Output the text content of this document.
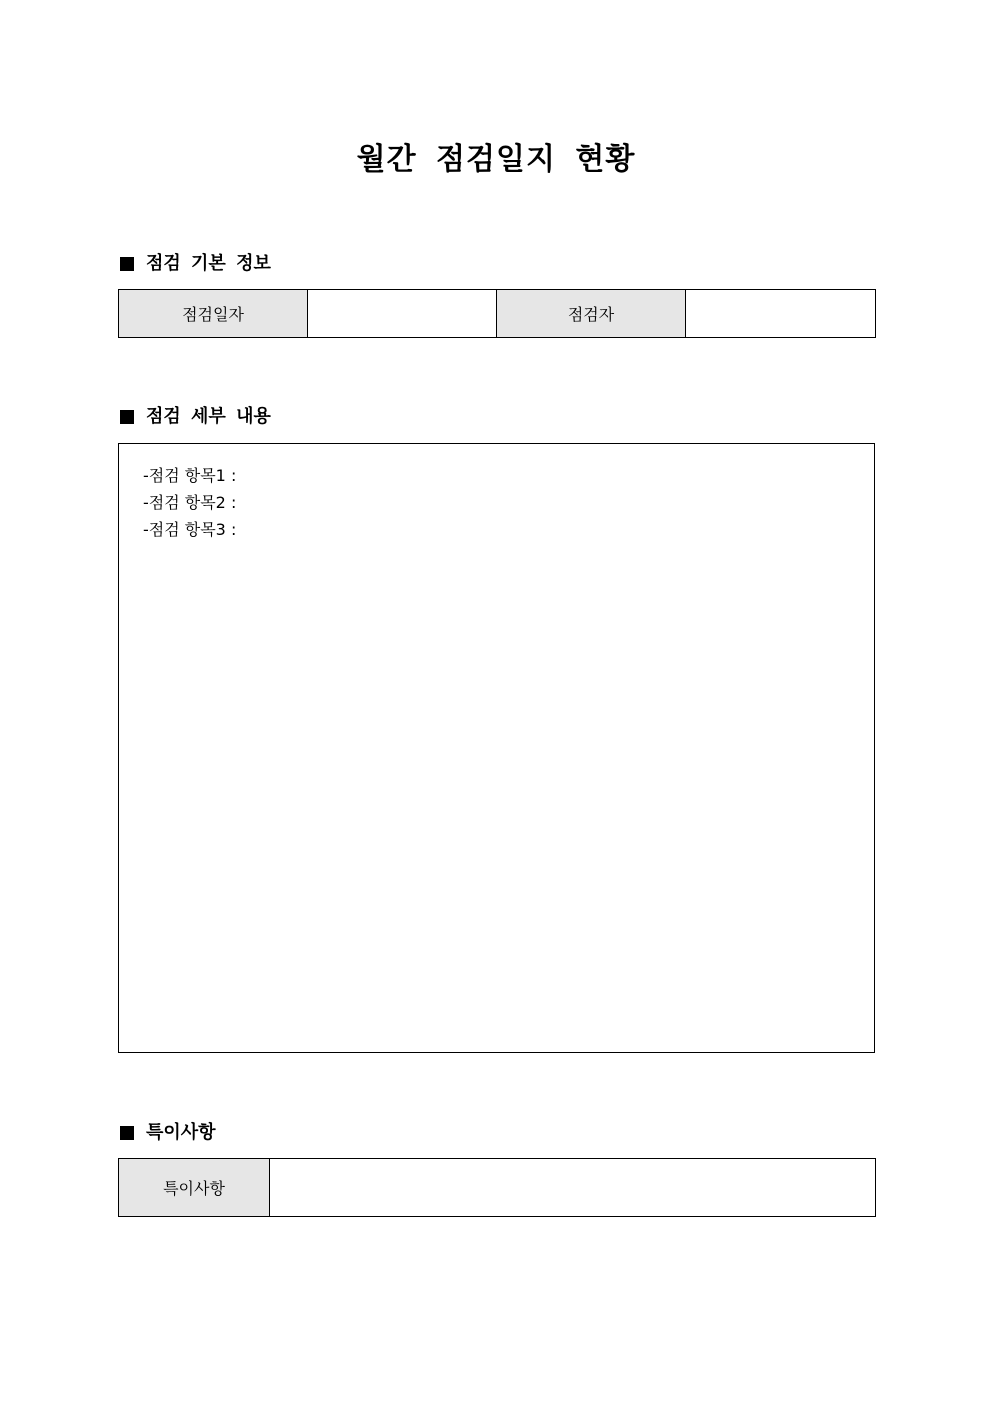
월간 점검일지 현황
점검 기본 정보
점검일자		점검자	
점검 세부 내용
-점검 항목1 :
-점검 항목2 :
-점검 항목3 :
특이사항
특이사항	
